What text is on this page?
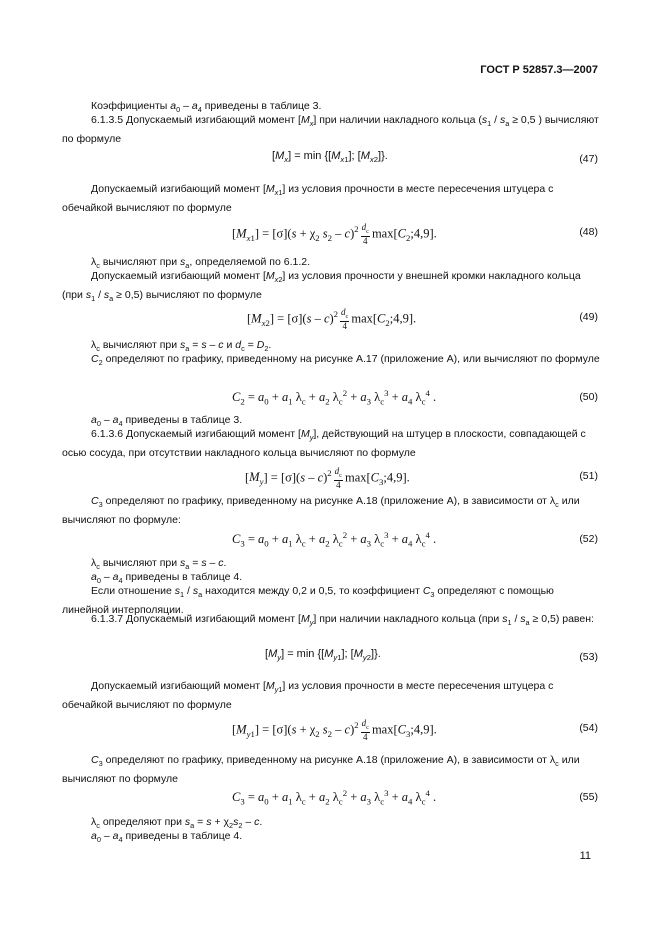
ГОСТ Р 52857.3—2007
Коэффициенты $a_0 - a_4$ приведены в таблице 3.
6.1.3.5 Допускаемый изгибающий момент $[M_x]$ при наличии накладного кольца ($s_1 / s_a \ge 0,5$ ) вычисляют по формуле
$[M_x] = \min \{[M_{x1}]$; $[M_{x2}]$}.	(47)
Допускаемый изгибающий момент $[M_{x1}]$ из условия прочности в месте пересечения штуцера с обечайкой вычисляют по формуле
$[M_{x1}] = [\sigma](s + \chi_2$ $s_2 - c)^2 \frac{d_c}{4}$ $\max[C_2;4,9]$.	(48)
$\lambda_c$ вычисляют при $s_a$, определяемой по 6.1.2.
Допускаемый изгибающий момент $[M_{x2}]$ из условия прочности у внешней кромки накладного кольца (при $s_1 / s_a \ge 0,5$) вычисляют по формуле
$[M_{x2}] = [\sigma](s - c)^2 \frac{d_c}{4}$ $\max[C_2;4,9]$.	(49)
$\lambda_c$ вычисляют при $s_a = s - c$ и $d_c = D_2$.
$C_2$ определяют по графику, приведенному на рисунке А.17 (приложение А), или вычисляют по формуле
$C_2 = a_0 + a_1$ $\lambda_c + a_2$ $\lambda_c^2 + a_3$ $\lambda_c^3 + a_4$ $\lambda_c^4$ .	(50)
$a_0 - a_4$ приведены в таблице 3.
6.1.3.6 Допускаемый изгибающий момент $[M_y]$, действующий на штуцер в плоскости, совпадающей с осью сосуда, при отсутствии накладного кольца вычисляют по формуле
$[M_y] = [\sigma](s - c)^2 \frac{d_c}{4}$ $\max[C_3;4,9]$.	(51)
$C_3$ определяют по графику, приведенному на рисунке А.18 (приложение А), в зависимости от $\lambda_c$ или вычисляют по формуле:
$C_3 = a_0 + a_1$ $\lambda_c + a_2$ $\lambda_c^2 + a_3$ $\lambda_c^3 + a_4$ $\lambda_c^4$ .	(52)
$\lambda_c$ вычисляют при $s_a = s - c$.
$a_0 - a_4$ приведены в таблице 4.
Если отношение $s_1 / s_a$ находится между 0,2 и 0,5, то коэффициент $C_3$ определяют с помощью линейной интерполяции.
6.1.3.7 Допускаемый изгибающий момент $[M_y]$ при наличии накладного кольца (при $s_1 / s_a \ge 0,5$) равен:
$[M_y] = \min \{[M_{y1}]$; $[M_{y2}]$}.	(53)
Допускаемый изгибающий момент $[M_{y1}]$ из условия прочности в месте пересечения штуцера с обечайкой вычисляют по формуле
$[M_{y1}] = [\sigma](s + \chi_2$ $s_2 - c)^2 \frac{d_c}{4}$ $\max[C_3;4,9]$.	(54)
$C_3$ определяют по графику, приведенному на рисунке А.18 (приложение А), в зависимости от $\lambda_c$ или вычисляют по формуле
$C_3 = a_0 + a_1$ $\lambda_c + a_2$ $\lambda_c^2 + a_3$ $\lambda_c^3 + a_4$ $\lambda_c^4$ .	(55)
$\lambda_c$ определяют при $s_a = s + \chi_2s_2 - c$.
$a_0 - a_4$ приведены в таблице 4.
11
